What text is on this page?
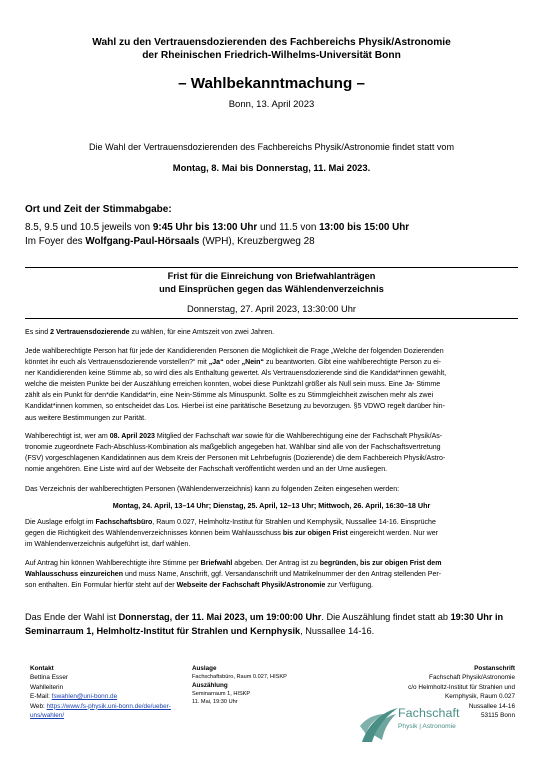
Wahl zu den Vertrauensdozierenden des Fachbereichs Physik/Astronomie
der Rheinischen Friedrich-Wilhelms-Universität Bonn
– Wahlbekanntmachung –
Bonn, 13. April 2023
Die Wahl der Vertrauensdozierenden des Fachbereichs Physik/Astronomie findet statt vom
Montag, 8. Mai bis Donnerstag, 11. Mai 2023.
Ort und Zeit der Stimmabgabe:
8.5, 9.5 und 10.5 jeweils von 9:45 Uhr bis 13:00 Uhr und 11.5 von 13:00 bis 15:00 Uhr
Im Foyer des Wolfgang-Paul-Hörsaals (WPH), Kreuzbergweg 28
Frist für die Einreichung von Briefwahlanträgen
und Einsprüchen gegen das Wählendenverzeichnis
Donnerstag, 27. April 2023, 13:30:00 Uhr
Es sind 2 Vertrauensdozierende zu wählen, für eine Amtszeit von zwei Jahren.
Jede wahlberechtigte Person hat für jede der Kandidierenden Personen die Möglichkeit die Frage „Welche der folgenden Dozierenden
könntet ihr euch als Vertrauensdozierende vorstellen?“ mit „Ja“ oder „Nein“ zu beantworten. Gibt eine wahlberechtigte Person zu ei-
ner Kandidierenden keine Stimme ab, so wird dies als Enthaltung gewertet. Als Vertrauensdozierende sind die Kandidat*innen gewählt,
welche die meisten Punkte bei der Auszählung erreichen konnten, wobei diese Punktzahl größer als Null sein muss. Eine Ja- Stimme
zählt als ein Punkt für den*die Kandidat*in, eine Nein-Stimme als Minuspunkt. Sollte es zu Stimmgleichheit zwischen mehr als zwei
Kandidat*innen kommen, so entscheidet das Los. Hierbei ist eine paritätische Besetzung zu bevorzugen. §5 VDWO regelt darüber hin-
aus weitere Bestimmungen zur Parität.
Wahlberechtigt ist, wer am 08. April 2023 Mitglied der Fachschaft war sowie für die Wahlberechtigung eine der Fachschaft Physik/As-
tronomie zugeordnete Fach-Abschluss-Kombination als maßgeblich angegeben hat. Wählbar sind alle von der Fachschaftsvertretung
(FSV) vorgeschlagenen Kandidatinnen aus dem Kreis der Personen mit Lehrbefugnis (Dozierende) die dem Fachbereich Physik/Astro-
nomie angehören. Eine Liste wird auf der Webseite der Fachschaft veröffentlicht werden und an der Urne ausliegen.
Das Verzeichnis der wahlberechtigten Personen (Wählendenverzeichnis) kann zu folgenden Zeiten eingesehen werden:
Montag, 24. April, 13–14 Uhr; Dienstag, 25. April, 12–13 Uhr; Mittwoch, 26. April, 16:30–18 Uhr
Die Auslage erfolgt im Fachschaftsbüro, Raum 0.027, Helmholtz-Institut für Strahlen und Kernphysik, Nussallee 14-16. Einsprüche
gegen die Richtigkeit des Wählendenverzeichnisses können beim Wahlausschuss bis zur obigen Frist eingereicht werden. Nur wer
im Wählendenverzeichnis aufgeführt ist, darf wählen.
Auf Antrag hin können Wahlberechtigte ihre Stimme per Briefwahl abgeben. Der Antrag ist zu begründen, bis zur obigen Frist dem
Wahlausschuss einzureichen und muss Name, Anschrift, ggf. Versandanschrift und Matrikelnummer der den Antrag stellenden Per-
son enthalten. Ein Formular hierfür steht auf der Webseite der Fachschaft Physik/Astronomie zur Verfügung.
Das Ende der Wahl ist Donnerstag, der 11. Mai 2023, um 19:00:00 Uhr. Die Auszählung findet statt ab 19:30 Uhr in
Seminarraum 1, Helmholtz-Institut für Strahlen und Kernphysik, Nussallee 14-16.
Kontakt
Bettina Esser
Wahlleiterin
E-Mail: fswahlen@uni-bonn.de
Web: https://www.fs-physik.uni-bonn.de/de/ueber-
uns/wahlen/
Auslage
Fachschaftsbüro, Raum 0.027, HISKP
Auszählung
Seminarraum 1, HISKP
11. Mai, 19:30 Uhr
Postanschrift
Fachschaft Physik/Astronomie
c/o Helmholtz-Institut für Strahlen und
Kernphysik, Raum 0.027
Nussallee 14-16
53115 Bonn
Fachschaft
Physik | Astronomie
